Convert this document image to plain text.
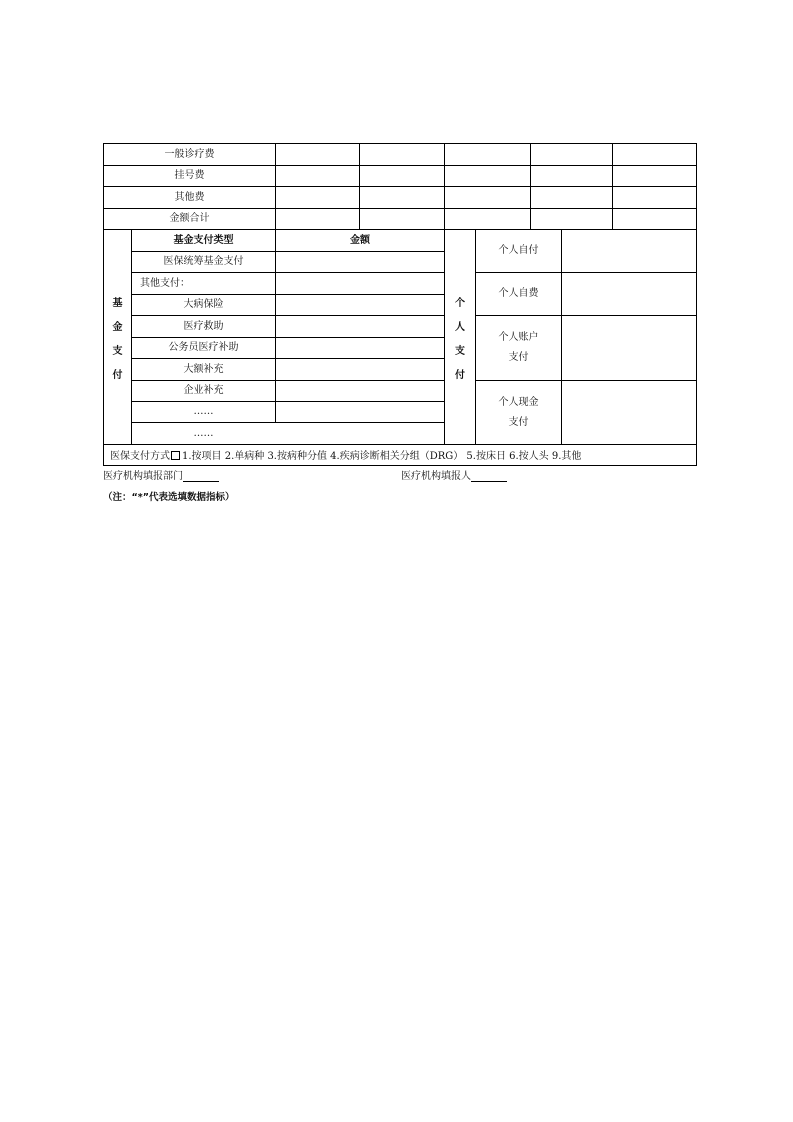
一般诊疗费
挂号费
其他费
金额合计
基
金
支
付
基金支付类型	金额
医保统筹基金支付
其他支付：
大病保险
医疗救助
公务员医疗补助
大额补充
企业补充
……
……
个
人
支
付
个人自付
个人自费
个人账户
支付
个人现金
支付
医保支付方式 1.按项目 2.单病种 3.按病种分值 4.疾病诊断相关分组（DRG） 5.按床日 6.按人头 9.其他
医疗机构填报部门	医疗机构填报人
（注：“*”代表选填数据指标）
